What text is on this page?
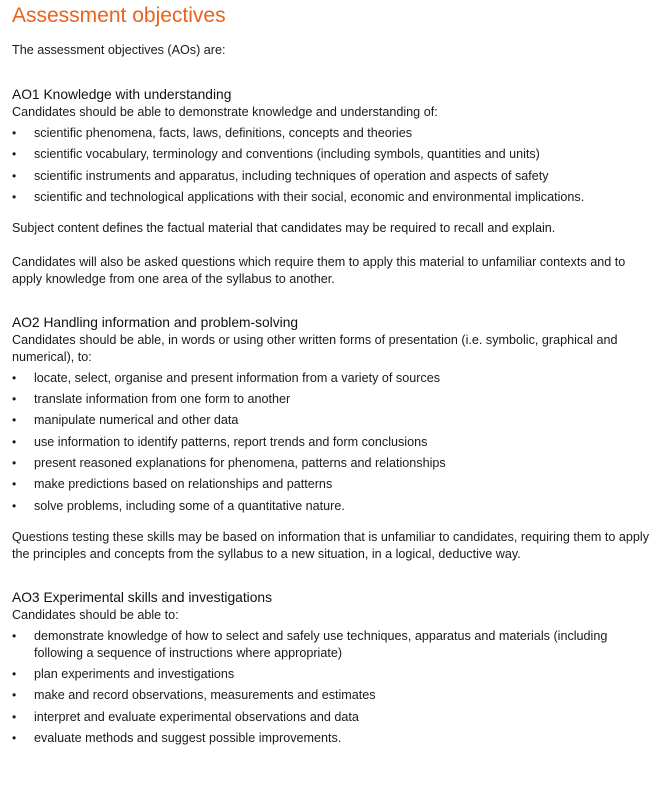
Assessment objectives

The assessment objectives (AOs) are:

AO1 Knowledge with understanding

Candidates should be able to demonstrate knowledge and understanding of:

• scientific phenomena, facts, laws, definitions, concepts and theories
• scientific vocabulary, terminology and conventions (including symbols, quantities and units)
• scientific instruments and apparatus, including techniques of operation and aspects of safety
• scientific and technological applications with their social, economic and environmental implications.

Subject content defines the factual material that candidates may be required to recall and explain.

Candidates will also be asked questions which require them to apply this material to unfamiliar contexts and to apply knowledge from one area of the syllabus to another.

AO2 Handling information and problem-solving

Candidates should be able, in words or using other written forms of presentation (i.e. symbolic, graphical and numerical), to:

• locate, select, organise and present information from a variety of sources
• translate information from one form to another
• manipulate numerical and other data
• use information to identify patterns, report trends and form conclusions
• present reasoned explanations for phenomena, patterns and relationships
• make predictions based on relationships and patterns
• solve problems, including some of a quantitative nature.

Questions testing these skills may be based on information that is unfamiliar to candidates, requiring them to apply the principles and concepts from the syllabus to a new situation, in a logical, deductive way.

AO3 Experimental skills and investigations

Candidates should be able to:

• demonstrate knowledge of how to select and safely use techniques, apparatus and materials (including following a sequence of instructions where appropriate)
• plan experiments and investigations
• make and record observations, measurements and estimates
• interpret and evaluate experimental observations and data
• evaluate methods and suggest possible improvements.
